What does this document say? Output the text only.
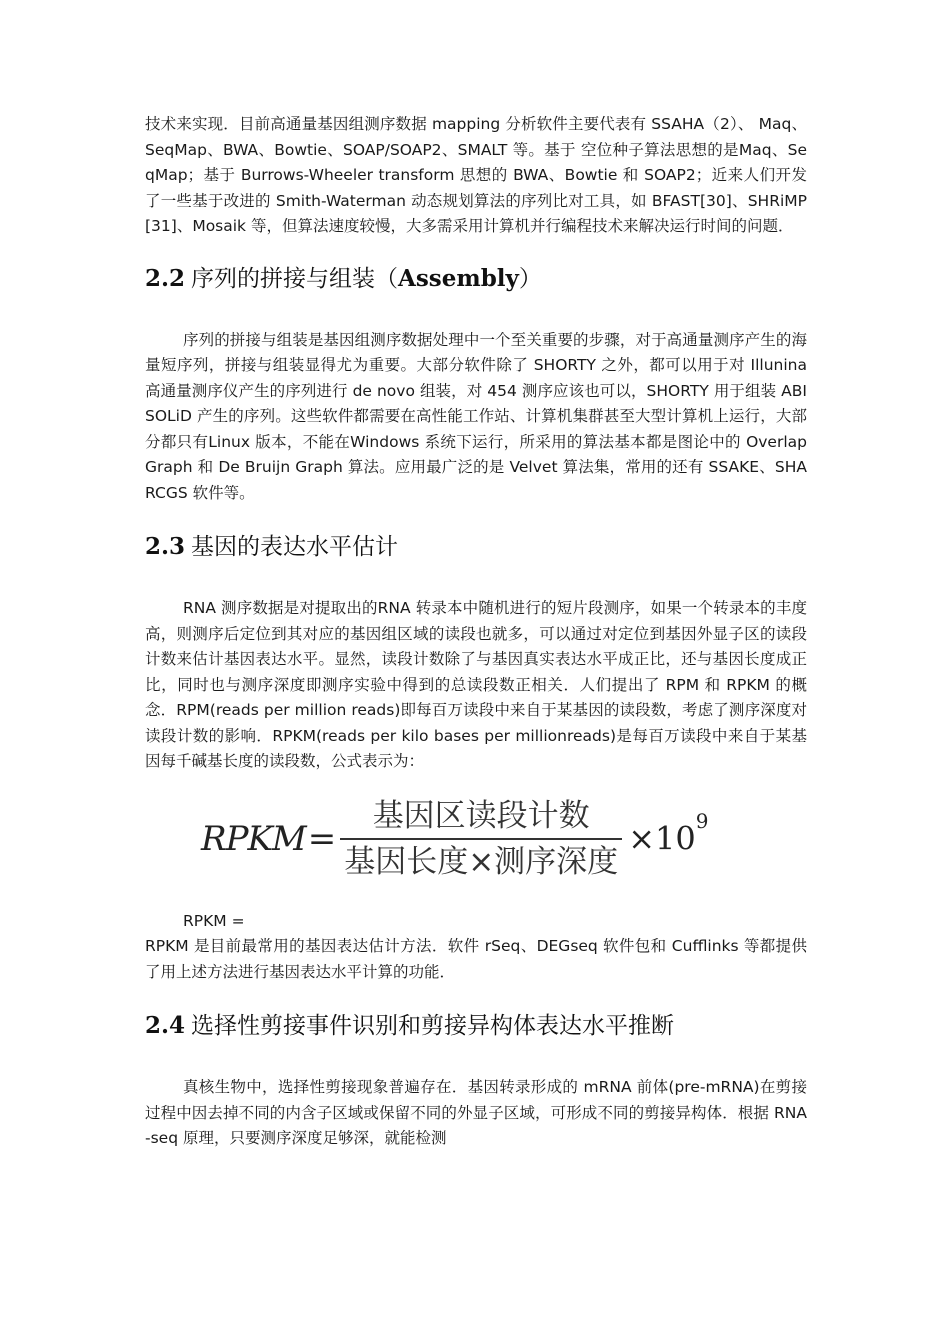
技术来实现．目前高通量基因组测序数据 mapping 分析软件主要代表有 SSAHA（2）、 Maq、SeqMap、BWA、Bowtie、SOAP/SOAP2、SMALT 等。基于 空位种子算法思想的是Maq、SeqMap；基于 Burrows-Wheeler transform 思想的 BWA、Bowtie 和 SOAP2；近来人们开发了一些基于改进的 Smith-Waterman 动态规划算法的序列比对工具，如 BFAST[30]、SHRiMP[31]、Mosaik 等，但算法速度较慢，大多需采用计算机并行编程技术来解决运行时间的问题．

2.2 序列的拼接与组装（Assembly）

序列的拼接与组装是基因组测序数据处理中一个至关重要的步骤，对于高通量测序产生的海量短序列，拼接与组装显得尤为重要。大部分软件除了 SHORTY 之外，都可以用于对 Illunina 高通量测序仪产生的序列进行 de novo 组装，对 454 测序应该也可以，SHORTY 用于组装 ABI SOLiD 产生的序列。这些软件都需要在高性能工作站、计算机集群甚至大型计算机上运行，大部分都只有Linux 版本，不能在Windows 系统下运行，所采用的算法基本都是图论中的 OverlapGraph 和 De Bruijn Graph 算法。应用最广泛的是 Velvet 算法集，常用的还有 SSAKE、SHARCGS 软件等。

2.3 基因的表达水平估计

RNA 测序数据是对提取出的RNA 转录本中随机进行的短片段测序，如果一个转录本的丰度高，则测序后定位到其对应的基因组区域的读段也就多，可以通过对定位到基因外显子区的读段计数来估计基因表达水平。显然，读段计数除了与基因真实表达水平成正比，还与基因长度成正比，同时也与测序深度即测序实验中得到的总读段数正相关．人们提出了 RPM 和 RPKM 的概念．RPM(reads per million reads)即每百万读段中来自于某基因的读段数，考虑了测序深度对读段计数的影响．RPKM(reads per kilo bases per millionreads)是每百万读段中来自于某基因每千碱基长度的读段数，公式表示为：

RPKM = $\frac{\text{基因区读段计数}}{\text{基因长度×测序深度}} \times 10^9$

RPKM =

RPKM 是目前最常用的基因表达估计方法．软件 rSeq、DEGseq 软件包和 Cufflinks 等都提供了用上述方法进行基因表达水平计算的功能．

2.4 选择性剪接事件识别和剪接异构体表达水平推断

真核生物中，选择性剪接现象普遍存在．基因转录形成的 mRNA 前体(pre-mRNA)在剪接过程中因去掉不同的内含子区域或保留不同的外显子区域，可形成不同的剪接异构体．根据 RNA-seq 原理，只要测序深度足够深，就能检测
